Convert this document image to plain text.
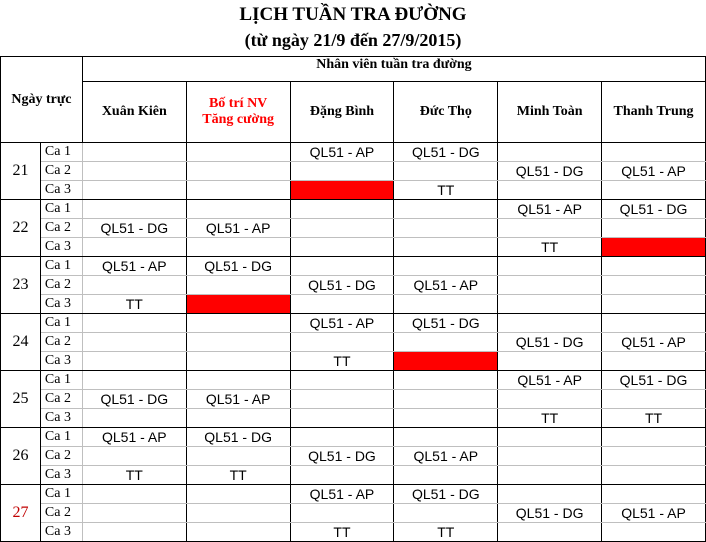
LỊCH TUẦN TRA ĐƯỜNG
(từ ngày 21/9 đến 27/9/2015)
Ngày trực		Nhân viên tuần tra đường					

		Xuân Kiên	Bố trí NV
Tăng cường	Đặng Bình	Đức Thọ	Minh Toàn	Thanh Trung

21	Ca 1			QL51 - AP	QL51 - DG		
	Ca 2					QL51 - DG	QL51 - AP
	Ca 3				TT		
22	Ca 1					QL51 - AP	QL51 - DG
	Ca 2	QL51 - DG	QL51 - AP				
	Ca 3					TT	
23	Ca 1	QL51 - AP	QL51 - DG				
	Ca 2			QL51 - DG	QL51 - AP		
	Ca 3	TT					
24	Ca 1			QL51 - AP	QL51 - DG		
	Ca 2					QL51 - DG	QL51 - AP
	Ca 3			TT			
25	Ca 1					QL51 - AP	QL51 - DG
	Ca 2	QL51 - DG	QL51 - AP				
	Ca 3					TT	TT
26	Ca 1	QL51 - AP	QL51 - DG				
	Ca 2			QL51 - DG	QL51 - AP		
	Ca 3	TT	TT				
27	Ca 1			QL51 - AP	QL51 - DG		
	Ca 2					QL51 - DG	QL51 - AP
	Ca 3			TT	TT		
